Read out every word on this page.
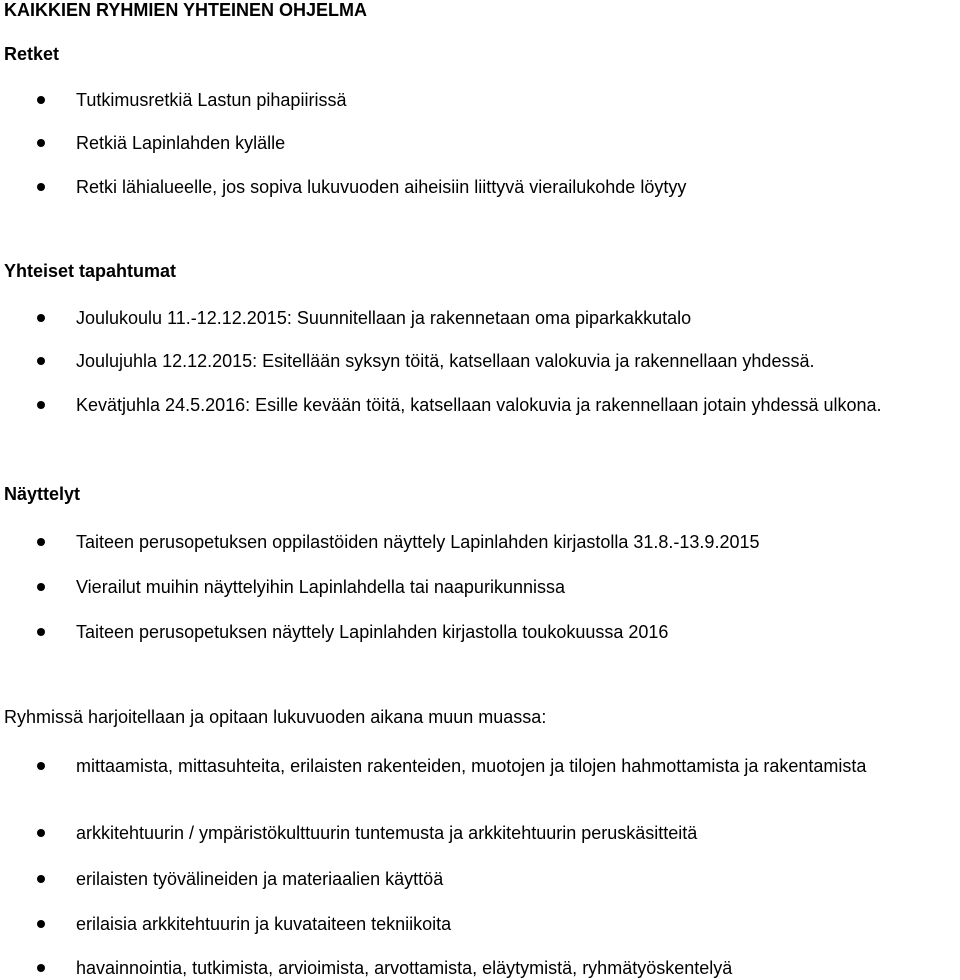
KAIKKIEN RYHMIEN YHTEINEN OHJELMA
Retket
Tutkimusretkiä Lastun pihapiirissä
Retkiä Lapinlahden kylälle
Retki lähialueelle, jos sopiva lukuvuoden aiheisiin liittyvä vierailukohde löytyy
Yhteiset tapahtumat
Joulukoulu 11.-12.12.2015: Suunnitellaan ja rakennetaan oma piparkakkutalo
Joulujuhla 12.12.2015: Esitellään syksyn töitä, katsellaan valokuvia ja rakennellaan yhdessä.
Kevätjuhla 24.5.2016: Esille kevään töitä, katsellaan valokuvia ja rakennellaan jotain yhdessä ulkona.
Näyttelyt
Taiteen perusopetuksen oppilastöiden näyttely Lapinlahden kirjastolla 31.8.-13.9.2015
Vierailut muihin näyttelyihin Lapinlahdella tai naapurikunnissa
Taiteen perusopetuksen näyttely Lapinlahden kirjastolla toukokuussa 2016
Ryhmissä harjoitellaan ja opitaan lukuvuoden aikana muun muassa:
mittaamista, mittasuhteita, erilaisten rakenteiden, muotojen ja tilojen hahmottamista ja rakentamista
arkkitehtuurin / ympäristökulttuurin tuntemusta ja arkkitehtuurin peruskäsitteitä
erilaisten työvälineiden ja materiaalien käyttöä
erilaisia arkkitehtuurin ja kuvataiteen tekniikoita
havainnointia, tutkimista, arvioimista, arvottamista, eläytymistä, ryhmätyöskentelyä
